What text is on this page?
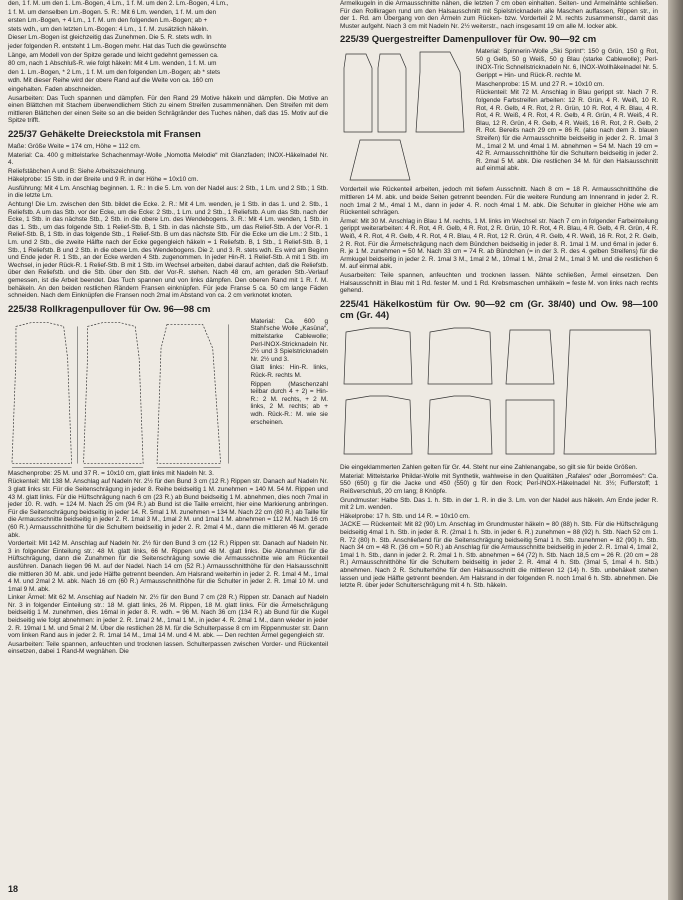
den, 1 f. M. um den 1. Lm.-Bogen, 4 Lm., 1 f. M. um den 2. Lm.-Bogen, 4 Lm.,

1 f. M. um denselben Lm.-Bogen. 5. R.: Mit 6 Lm. wenden, 1 f. M. um den

ersten Lm.-Bogen, + 4 Lm., 1 f. M. um den folgenden Lm.-Bogen; ab +

stets wdh., um den letzten Lm.-Bogen: 4 Lm., 1 f. M. zusätzlich häkeln.

Dieser Lm.-Bogen ist gleichzeitig das Zunehmen. Die 5. R. stets wdh. In

jeder folgenden R. entsteht 1 Lm.-Bogen mehr. Hat das Tuch die gewünschte

Länge, am Modell von der Spitze gerade und leicht gedehnt gemessen ca.

80 cm, nach 1 Abschluß-R. wie folgt häkeln: Mit 4 Lm. wenden, 1 f. M. um

den 1. Lm.-Bogen, * 2 Lm., 1 f. M. um den folgenden Lm.-Bogen; ab * stets

wdh. Mit dieser Reihe wird der obere Rand auf die Weite von ca. 160 cm

eingehalten. Faden abschneiden.

Ausarbeiten: Das Tuch spannen und dämpfen. Für den Rand 29 Motive häkeln und dämpfen. Die Motive an einen Blättchen mit Stachem überwendlichem Stich zu einem Streifen zusammennähen. Den Streifen mit dem mittleren Blättchen der einen Seite so an die beiden Schrägränder des Tuches nähen, daß das 15. Motiv auf die Spitze trifft.

225/37 Gehäkelte Dreieckstola mit Fransen

Maße: Größe Weite = 174 cm, Höhe = 112 cm.

Material: Ca. 400 g mittelstarke Schachenmayr-Wolle „Nomotta Melodie“ mit Glanzfaden; INOX-Häkelnadel Nr. 4.

Reliefstäbchen A und B: Siehe Arbeitszeichnung.

Häkelprobe: 15 Stb. in der Breite und 9 R. in der Höhe = 10x10 cm.

Ausführung: Mit 4 Lm. Anschlag beginnen. 1. R.: In die 5. Lm. von der Nadel aus: 2 Stb., 1 Lm. und 2 Stb.; 1 Stb. in die letzte Lm.

Achtung! Die Lm. zwischen den Stb. bildet die Ecke. 2. R.: Mit 4 Lm. wenden, je 1 Stb. in das 1. und 2. Stb., 1 Reliefstb. A um das Stb. vor der Ecke, um die Ecke: 2 Stb., 1 Lm. und 2 Stb., 1 Reliefstb. A um das Stb. nach der Ecke, 1 Stb. in das nächste Stb., 2 Stb. in die obere Lm. des Wendebogens. 3. R.: Mit 4 Lm. wenden, 1 Stb. in das 1. Stb., um das folgende Stb. 1 Relief-Stb. B, 1 Stb. in das nächste Stb., um das Relief-Stb. A der Vor-R. 1 Relief-Stb. B, 1 Stb. in das folgende Stb., 1 Relief-Stb. B um das nächste Stb. Für die Ecke um die Lm.: 2 Stb., 1 Lm. und 2 Stb., die zweite Hälfte nach der Ecke gegengleich häkeln = 1 Reliefstb. B, 1 Stb., 1 Relief-Stb. B, 1 Stb., 1 Reliefstb. B und 2 Stb. in die obere Lm. des Wendebogens. Die 2. und 3. R. stets wdh. Es wird am Beginn und Ende jeder R. 1 Stb., an der Ecke werden 4 Stb. zugenommen. In jeder Hin-R. 1 Relief-Stb. A mit 1 Stb. im Wechsel, in jeder Rück-R. 1 Relief-Stb. B mit 1 Stb. im Wechsel arbeiten, dabei darauf achten, daß die Reliefstb. über den Reliefstb. und die Stb. über den Stb. der Vor-R. stehen. Nach 48 cm, am geraden Stb.-Verlauf gemessen, ist die Arbeit beendet. Das Tuch spannen und von links dämpfen. Den oberen Rand mit 1 R. f. M. behäkeln. An den beiden restlichen Rändern Fransen einknüpfen. Für jede Franse 5 ca. 50 cm lange Fäden schneiden. Nach dem Einknüpfen die Fransen noch 2mal im Abstand von ca. 2 cm verknotet knoten.

225/38 Rollkragenpullover für Ow. 96—98 cm

Material: Ca. 600 g Stahl'sche Wolle „Kasüna“, mittelstarke Cablewolle; Perl-INOX-Stricknadeln Nr. 2½ und 3 Spielstricknadeln Nr. 2½ und 3.

Glatt links: Hin-R. links, Rück-R. rechts M.

Rippen (Maschenzahl teilbar durch 4 + 2) = Hin-R.: 2 M. rechts, + 2 M. links, 2 M. rechts; ab + wdh. Rück-R.: M. wie sie erscheinen.

Maschenprobe: 25 M. und 37 R. = 10x10 cm, glatt links mit Nadeln Nr. 3.

Rückenteil: Mit 138 M. Anschlag auf Nadeln Nr. 2½ für den Bund 3 cm (12 R.) Rippen str. Danach auf Nadeln Nr. 3 glatt links str. Für die Seitenschrägung in jeder 8. Reihe beidseitig 1 M. zunehmen = 140 M. 54 M. Rippen und 43 M. glatt links. Für die Hüftschrägung nach 6 cm (23 R.) ab Bund beidseitig 1 M. abnehmen, dies noch 7mal in jeder 10. R. wdh. = 124 M. Nach 25 cm (94 R.) ab Bund ist die Taille erreicht, hier eine Markierung anbringen. Für die Seitenschrägung beidseitig in jeder 14. R. 5mal 1 M. zunehmen = 134 M. Nach 22 cm (80 R.) ab Taille für die Armausschnitte beidseitig in jeder 2. R. 1mal 3 M., 1mal 2 M. und 1mal 1 M. abnehmen = 112 M. Nach 16 cm (60 R.) Armausschnitthöhe für die Schultern beidseitig in jeder 2. R. 2mal 4 M., dann die mittleren 46 M. gerade abk.

Vorderteil: Mit 142 M. Anschlag auf Nadeln Nr. 2½ für den Bund 3 cm (12 R.) Rippen str. Danach auf Nadeln Nr. 3 in folgender Einteilung str.: 48 M. glatt links, 66 M. Rippen und 48 M. glatt links. Die Abnahmen für die Hüftschrägung, dann die Zunahmen für die Seitenschrägung sowie die Armausschnitte wie am Rückenteil ausführen. Danach liegen 96 M. auf der Nadel. Nach 14 cm (52 R.) Armausschnitthöhe für den Halsausschnitt die mittleren 30 M. abk. und jede Hälfte getrennt beenden. Am Halsrand weiterhin in jeder 2. R. 1mal 4 M., 1mal 4 M. und 2mal 2 M. abk. Nach 16 cm (60 R.) Armausschnitthöhe für die Schulter in jeder 2. R. 1mal 10 M. und 1mal 9 M. abk.

Linker Ärmel: Mit 62 M. Anschlag auf Nadeln Nr. 2½ für den Bund 7 cm (28 R.) Rippen str. Danach auf Nadeln Nr. 3 in folgender Einteilung str.: 18 M. glatt links, 26 M. Rippen, 18 M. glatt links. Für die Ärmelschrägung beidseitig 1 M. zunehmen, dies 16mal in jeder 8. R. wdh. = 96 M. Nach 36 cm (134 R.) ab Bund für die Kugel beidseitig wie folgt abnehmen: in jeder 2. R. 1mal 2 M., 1mal 1 M., in jeder 4. R. 2mal 1 M., dann wieder in jeder 2. R. 19mal 1 M. und 5mal 2 M. Über die restlichen 28 M. für die Schulterpasse 8 cm im Rippenmuster str. Dann vom linken Rand aus in jeder 2. R. 1mal 14 M., 1mal 14 M. und 4 M. abk. — Den rechten Ärmel gegengleich str.

Ausarbeiten: Teile spannen, anfeuchten und trocknen lassen. Schulterpassen zwischen Vorder- und Rückenteil einsetzen, dabei 1 Rand-M wegnähen. Die

Ärmelkugeln in die Armausschnitte nähen, die letzten 7 cm oben einhalten. Seiten- und Ärmelnähte schließen. Für den Rollkragen rund um den Halsausschnitt mit Spielstricknadeln alle Maschen auffassen, Rippen str., in der 1. Rd. am Übergang von den Ärmeln zum Rücken- bzw. Vorderteil 2 M. rechts zusammenstr., damit das Muster aufgeht. Nach 3 cm mit Nadeln Nr. 2½ weiterstr., nach insgesamt 19 cm alle M. locker abk.

225/39 Quergestreifter Damenpullover für Ow. 90—92 cm

Material: Spinnerin-Wolle „Ski Sprint“: 150 g Grün, 150 g Rot, 50 g Gelb, 50 g Weiß, 50 g Blau (starke Cablewolle); Perl-INOX-Tric Schnellstricknadeln Nr. 6, INOX-Wollhäkelnadel Nr. 5.

Gerippt = Hin- und Rück-R. rechte M.

Maschenprobe: 15 M. und 27 R. = 10x10 cm.

Rückenteil: Mit 72 M. Anschlag in Blau gerippt str. Nach 7 R. folgende Farbstreifen arbeiten: 12 R. Grün, 4 R. Weiß, 10 R. Rot, 4 R. Gelb, 4 R. Rot, 2 R. Grün, 10 R. Rot, 4 R. Blau, 4 R. Rot, 4 R. Weiß, 4 R. Rot, 4 R. Gelb, 4 R. Grün, 4 R. Weiß, 4 R. Blau, 12 R. Grün, 4 R. Gelb, 4 R. Weiß, 16 R. Rot, 2 R. Gelb, 2 R. Rot. Bereits nach 29 cm = 86 R. (also nach dem 3. blauen Streifen) für die Armausschnitte beidseitig in jeder 2. R. 1mal 3 M., 1mal 2 M. und 4mal 1 M. abnehmen = 54 M. Nach 19 cm = 42 R. Armausschnitthöhe für die Schultern beidseitig in jeder 2. R. 2mal 5 M. abk. Die restlichen 34 M. für den Halsausschnitt auf einmal abk.

Vorderteil wie Rückenteil arbeiten, jedoch mit tiefem Ausschnitt. Nach 8 cm = 18 R. Armausschnitthöhe die mittleren 14 M. abk. und beide Seiten getrennt beenden. Für die weitere Rundung am Innenrand in jeder 2. R. noch 1mal 2 M., 4mal 1 M., dann in jeder 4. R. noch 4mal 1 M. abk. Die Schulter in gleicher Höhe wie am Rückenteil schrägen.

Ärmel: Mit 30 M. Anschlag in Blau 1 M. rechts, 1 M. links im Wechsel str. Nach 7 cm in folgender Farbeinteilung gerippt weiterarbeiten: 4 R. Rot, 4 R. Gelb, 4 R. Rot, 2 R. Grün, 10 R. Rot, 4 R. Blau, 4 R. Gelb, 4 R. Grün, 4 R. Weiß, 4 R. Rot, 4 R. Gelb, 4 R. Rot, 4 R. Blau, 4 R. Rot, 12 R. Grün, 4 R. Gelb, 4 R. Weiß, 16 R. Rot, 2 R. Gelb, 2 R. Rot. Für die Ärmelschrägung nach dem Bündchen beidseitig in jeder 8. R. 1mal 1 M. und 6mal in jeder 6. R. je 1 M. zunehmen = 50 M. Nach 33 cm = 74 R. ab Bündchen (= in der 3. R. des 4. gelben Streifens) für die Armkugel beidseitig in jeder 2. R. 1mal 3 M., 1mal 2 M., 10mal 1 M., 2mal 2 M., 1mal 3 M. und die restlichen 6 M. auf einmal abk.

Ausarbeiten: Teile spannen, anfeuchten und trocknen lassen. Nähte schließen, Ärmel einsetzen. Den Halsausschnitt in Blau mit 1 Rd. fester M. und 1 Rd. Krebsmaschen umhäkeln = feste M. von links nach rechts gehend.

225/41 Häkelkostüm für Ow. 90—92 cm (Gr. 38/40) und Ow. 98—100 cm (Gr. 44)

Die eingeklammerten Zahlen gelten für Gr. 44. Steht nur eine Zahlenangabe, so gilt sie für beide Größen.

Material: Mittelstarke Phildar-Wolle mit Synthetik, wahlweise in den Qualitäten „Rafales“ oder „Borromées“: Ca. 550 (650) g für die Jacke und 450 (550) g für den Rock; Perl-INOX-Häkelnadel Nr. 3½; Fufferstoff; 1 Reißverschluß, 20 cm lang; 8 Knöpfe.

Grundmuster: Halbe Stb. Das 1. h. Stb. in der 1. R. in die 3. Lm. von der Nadel aus häkeln. Am Ende jeder R. mit 2 Lm. wenden.

Häkelprobe: 17 h. Stb. und 14 R. = 10x10 cm.

JACKE — Rückenteil: Mit 82 (90) Lm. Anschlag im Grundmuster häkeln = 80 (88) h. Stb. Für die Hüftschrägung beidseitig 4mal 1 h. Stb. in jeder 8. R. (2mal 1 h. Stb. in jeder 6. R.) zunehmen = 88 (92) h. Stb. Nach 52 cm 1. R. 72 (80) h. Stb. Anschließend für die Seitenschrägung beidseitig 5mal 1 h. Stb. zunehmen = 82 (90) h. Stb. Nach 34 cm = 48 R. (36 cm = 50 R.) ab Anschlag für die Armausschnitte beidseitig in jeder 2. R. 1mal 4, 1mal 2, 1mal 1 h. Stb., dann in jeder 2. R. 2mal 1 h. Stb. abnehmen = 64 (72) h. Stb. Nach 18,5 cm = 26 R. (20 cm = 28 R.) Armausschnitthöhe für die Schultern beidseitig in jeder 2. R. 4mal 4 h. Stb. (3mal 5, 1mal 4 h. Stb.) abnehmen. Nach 2 R. Schulterhöhe für den Halsausschnitt die mittleren 12 (14) h. Stb. unbehäkelt stehen lassen und jede Hälfte getrennt beenden. Am Halsrand in der folgenden R. noch 1mal 6 h. Stb. abnehmen. Die letzte R. über jeder Schulterschrägung mit 4 h. Stb. häkeln.

18
